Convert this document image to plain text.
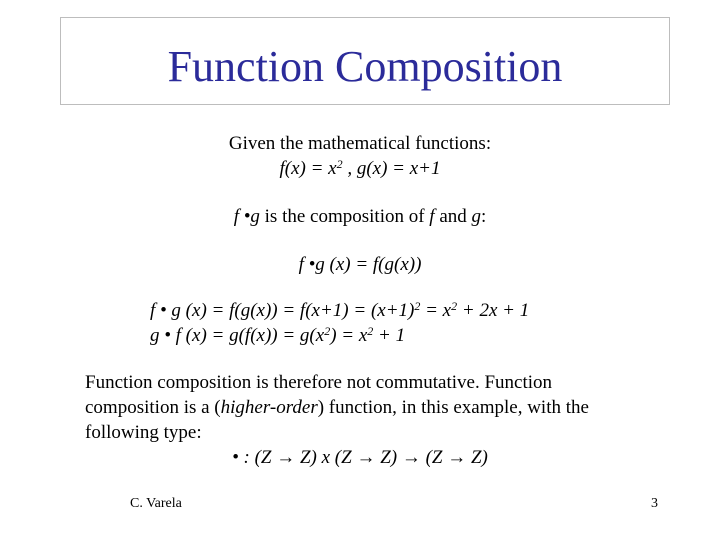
Function Composition
Given the mathematical functions:
$f(x) = x^2$ , g(x) = x+1
f •g is the composition of f and g:
f •g (x) = f(g(x))
f • g $(x) = f(g(x)) = f(x+1) = (x+1)^2 = x^2 + 2x + 1$
g • f $(x) = g(f(x)) = g(x^2) = x^2 + 1$
Function composition is therefore not commutative. Function
composition is a (higher-order) function, in this example, with the
following type:
• : (Z → Z) x (Z → Z) → (Z → Z)
C. Varela	3
